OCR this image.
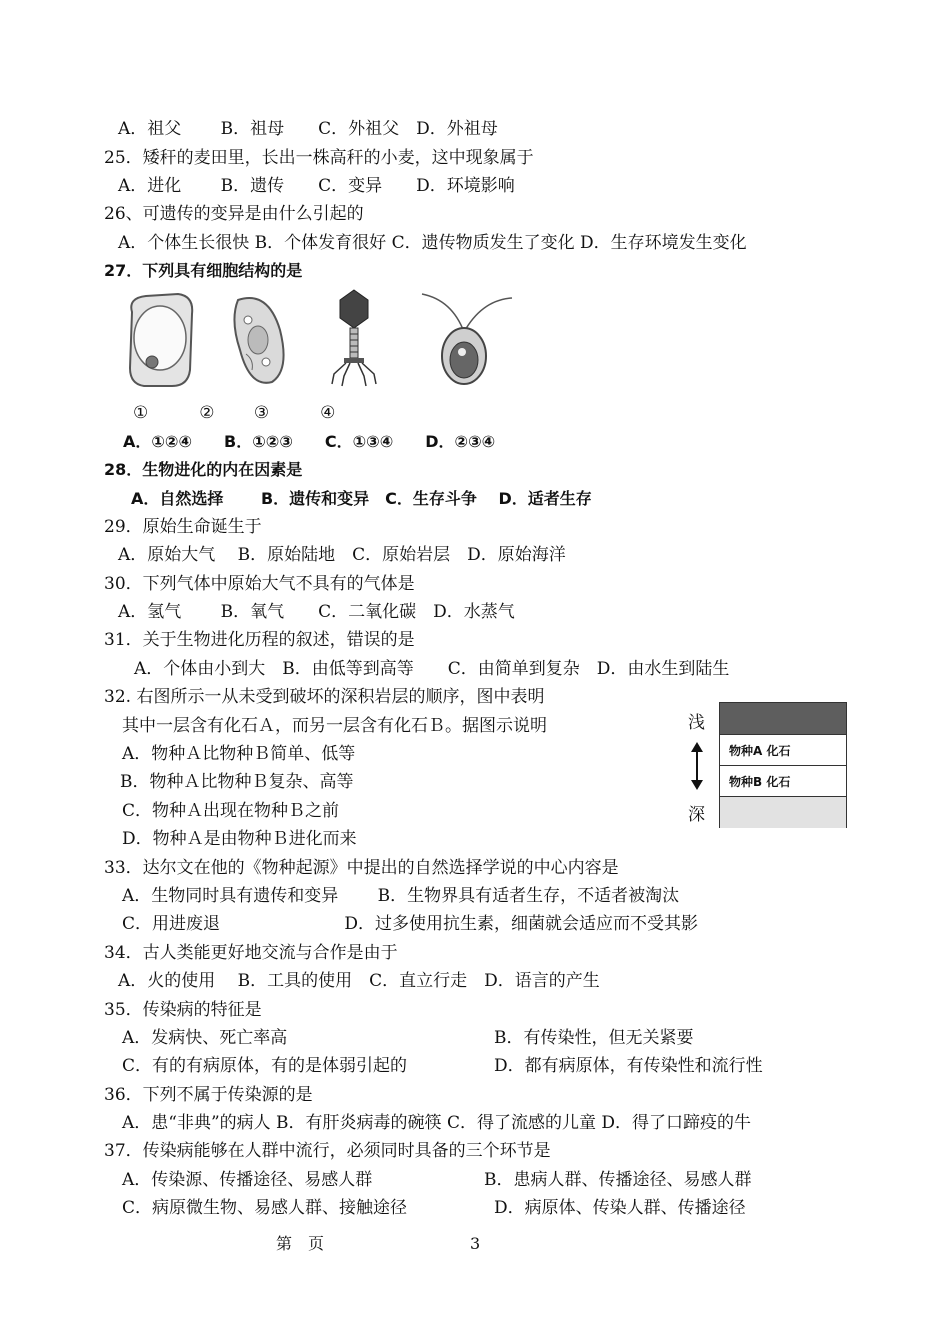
A．祖父　　 B．祖母　　C．外祖父　D．外祖母
25．矮秆的麦田里，长出一株高秆的小麦，这中现象属于
A．进化　　 B．遗传　　C．变异　　D．环境影响
26、可遗传的变异是由什么引起的
A．个体生长很快 B．个体发育很好 C．遗传物质发生了变化 D．生存环境发生变化
27．下列具有细胞结构的是
①　　　②　　 ③　　　④
A．①②④　　B．①②③　　C．①③④　　D．②③④
28．生物进化的内在因素是
A．自然选择　　 B．遗传和变异　C．生存斗争　 D．适者生存
29．原始生命诞生于
A．原始大气　 B．原始陆地　C．原始岩层　D．原始海洋
30．下列气体中原始大气不具有的气体是
A．氢气　　 B．氧气　　C．二氧化碳　D．水蒸气
31．关于生物进化历程的叙述，错误的是
A．个体由小到大　B．由低等到高等　　C．由简单到复杂　D．由水生到陆生
32. 右图所示一从未受到破坏的深积岩层的顺序，图中表明
其中一层含有化石Ａ，而另一层含有化石Ｂ。据图示说明
A．物种Ａ比物种Ｂ简单、低等
B．物种Ａ比物种Ｂ复杂、高等
C．物种Ａ出现在物种Ｂ之前
D．物种Ａ是由物种Ｂ进化而来
浅
深
物种A 化石
物种B 化石
33．达尔文在他的《物种起源》中提出的自然选择学说的中心内容是
A．生物同时具有遗传和变异　　 B．生物界具有适者生存，不适者被淘汰
C．用进废退　　　　　　　 D．过多使用抗生素，细菌就会适应而不受其影
34．古人类能更好地交流与合作是由于
A．火的使用　 B．工具的使用　C．直立行走　D．语言的产生
35．传染病的特征是
A．发病快、死亡率高	B．有传染性，但无关紧要
C．有的有病原体，有的是体弱引起的	D．都有病原体，有传染性和流行性
36．下列不属于传染源的是
A．患“非典”的病人 B．有肝炎病毒的碗筷 C．得了流感的儿童 D．得了口蹄疫的牛
37．传染病能够在人群中流行，必须同时具备的三个环节是
A．传染源、传播途径、易感人群	B．患病人群、传播途径、易感人群
C．病原微生物、易感人群、接触途径	D．病原体、传染人群、传播途径
第　页	3
